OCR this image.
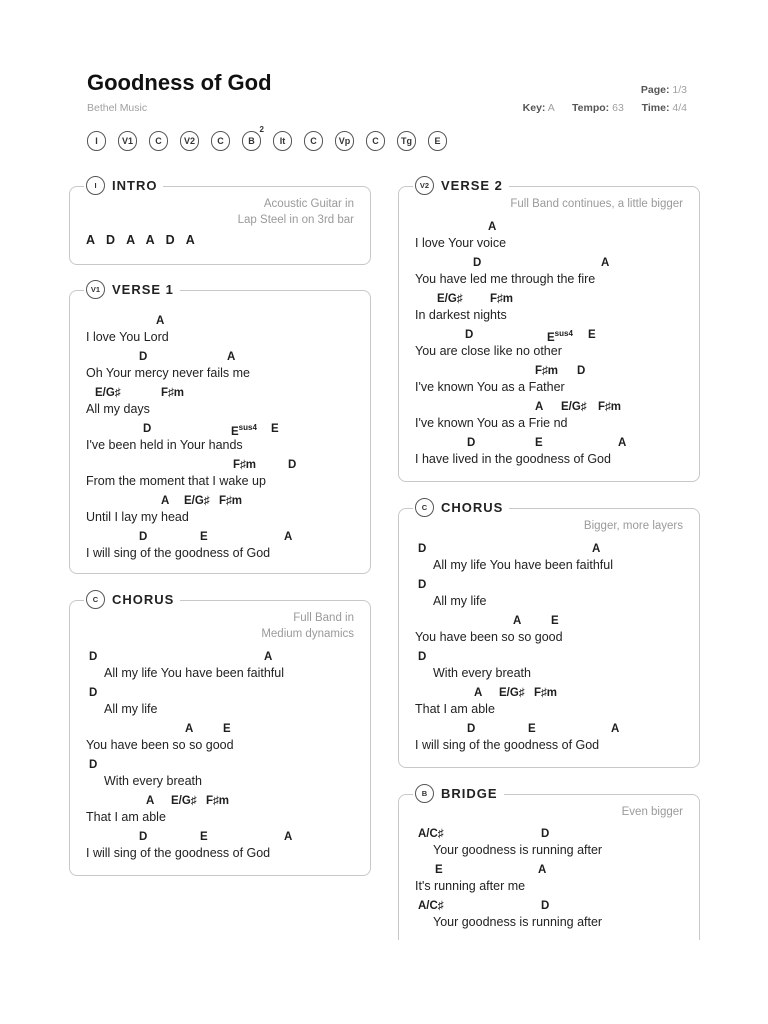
Goodness of God
Bethel Music
Page: 1/3
Key: A Tempo: 63 Time: 4/4
I	V1 C V2 C	B
2
It	C Vp C Tg E
I	INTRO
Acoustic Guitar in
Lap Steel in on 3rd bar
A D A A D A
V1 VERSE 1
A
I love You Lord
D	A
Oh Your mercy never fails me
E/G♯	F♯m
All my days
D	$E^{sus4}$ E
I've been held in Your hands
F♯m	D
From the moment that I wake up
A E/G♯ F♯m
Until I lay my head
D	E	A
I will sing of the goodness of God
C	CHORUS
Full Band in
Medium dynamics
D	A
All my life You have been faithful
D
All my life
A	E
You have been so so good
D
With every breath
A E/G♯ F♯m
That I am able
D	E	A
I will sing of the goodness of God
V2 VERSE 2
Full Band continues, a little bigger
A
I love Your voice
D	A
You have led me through the fire
E/G♯ F♯m
In darkest nights
D	$E^{sus4}$ E
You are close like no other
F♯m D
I've known You as a Father
A E/G♯ F♯m
I've known You as a Frie nd
D	E	A
I have lived in the goodness of God
C	CHORUS
Bigger, more layers
D	A
All my life You have been faithful
D
All my life
A	E
You have been so so good
D
With every breath
A E/G♯ F♯m
That I am able
D	E	A
I will sing of the goodness of God
B	BRIDGE
Even bigger
A/C♯	D
Your goodness is running after
E	A
It's running after me
A/C♯	D
Your goodness is running after
